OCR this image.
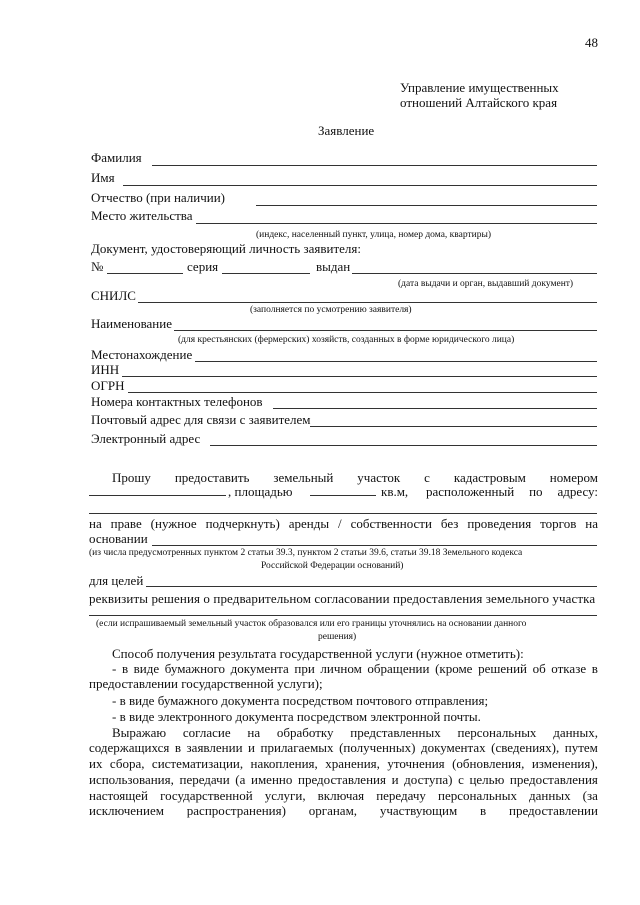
48
Управление имущественных
отношений Алтайского края
Заявление
Фамилия
Имя
Отчество (при наличии)
Место жительства
(индекс, населенный пункт, улица, номер дома, квартиры)
Документ, удостоверяющий личность заявителя:
№	серия	выдан
(дата выдачи и орган, выдавший документ)
СНИЛС
(заполняется по усмотрению заявителя)
Наименование
(для крестьянских (фермерских) хозяйств, созданных в форме юридического лица)
Местонахождение
ИНН
ОГРН
Номера контактных телефонов
Почтовый адрес для связи с заявителем
Электронный адрес
Прошу предоставить земельный участок с кадастровым номером
, площадью	кв.м, расположенный по адресу:
на праве (нужное подчеркнуть) аренды / собственности без проведения торгов на
основании
(из числа предусмотренных пунктом 2 статьи 39.3, пунктом 2 статьи 39.6, статьи 39.18 Земельного кодекса
Российской Федерации оснований)
для целей
реквизиты решения о предварительном согласовании предоставления земельного участка
(если испрашиваемый земельный участок образовался или его границы уточнялись на основании данного
решения)
Способ получения результата государственной услуги (нужное отметить):
- в виде бумажного документа при личном обращении (кроме решений об отказе в
предоставлении государственной услуги);
- в виде бумажного документа посредством почтового отправления;
- в виде электронного документа посредством электронной почты.
Выражаю согласие на обработку представленных персональных данных,
содержащихся в заявлении и прилагаемых (полученных) документах (сведениях), путем
их сбора, систематизации, накопления, хранения, уточнения (обновления, изменения),
использования, передачи (а именно предоставления и доступа) с целью предоставления
настоящей государственной услуги, включая передачу персональных данных (за
исключением распространения) органам, участвующим в предоставлении
